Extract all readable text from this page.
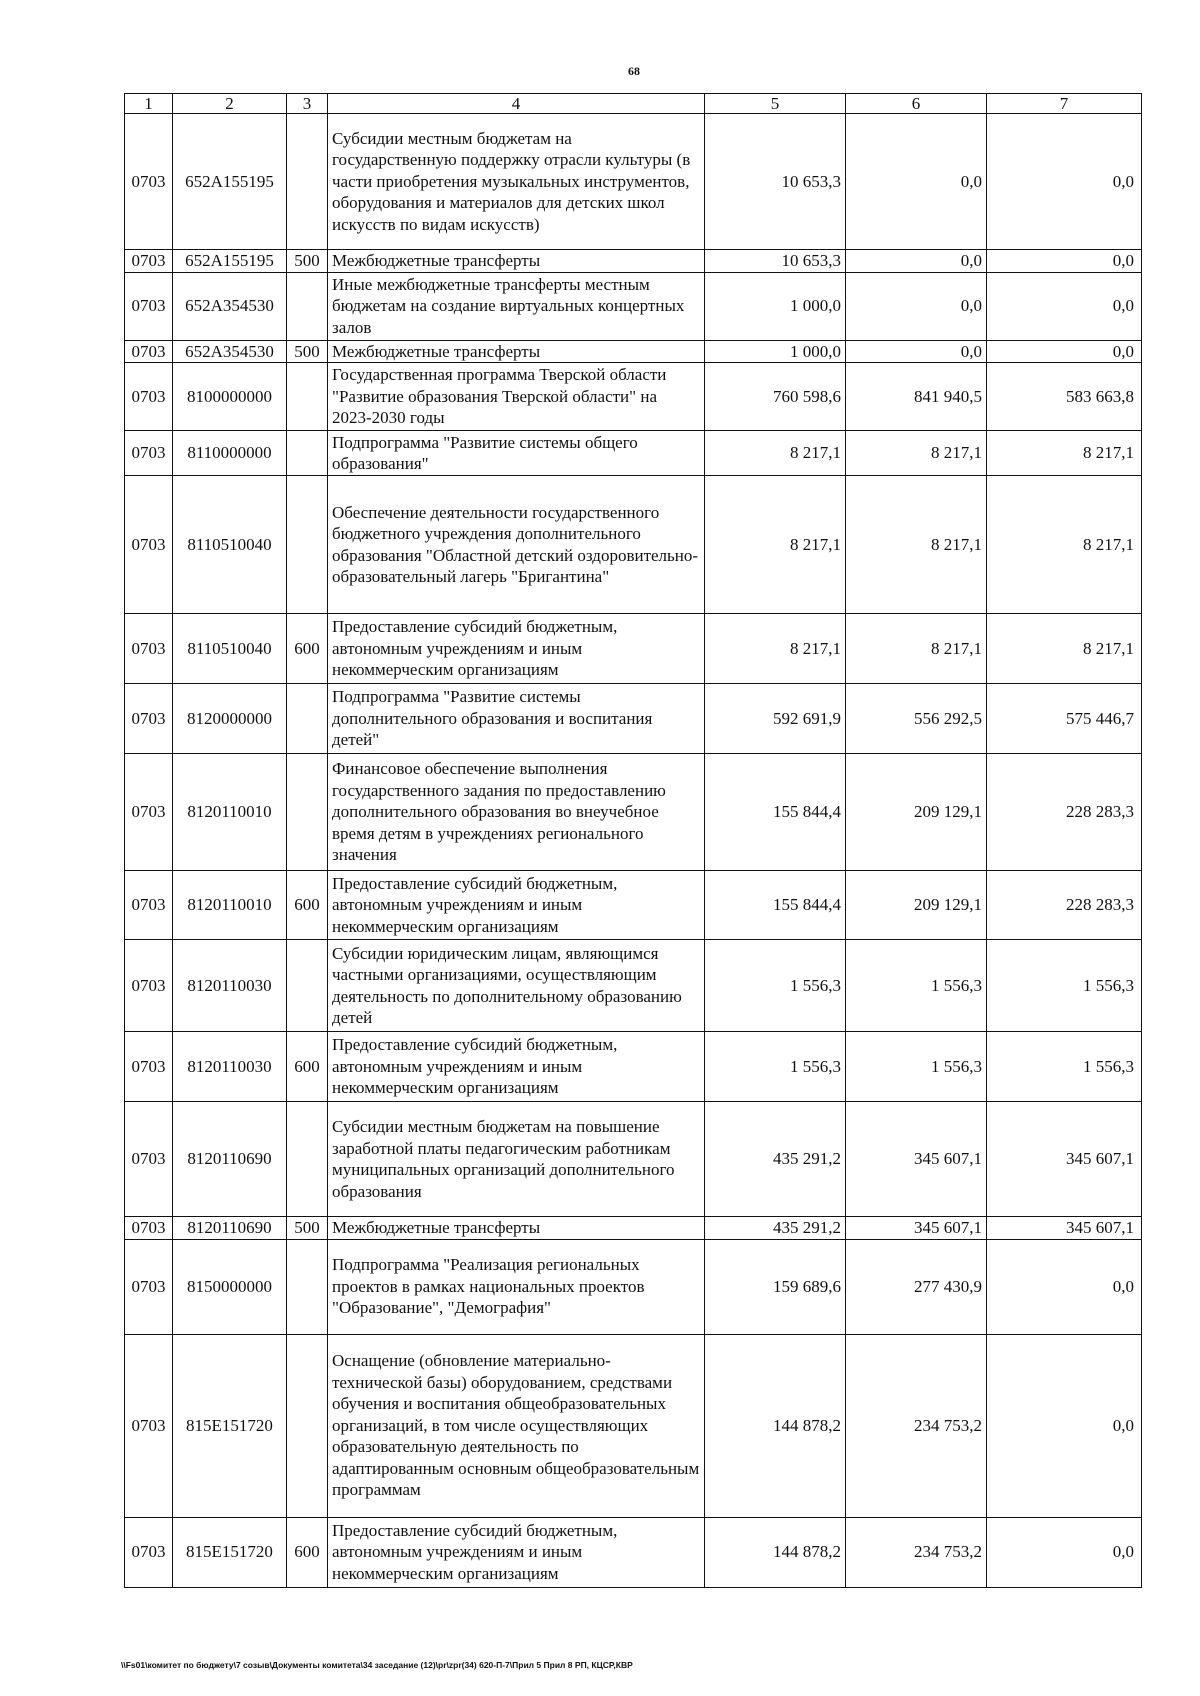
68
1	2	3	4	5	6	7
0703	652A155195		Субсидии местным бюджетам на государственную поддержку отрасли культуры (в части приобретения музыкальных инструментов, оборудования и материалов для детских школ искусств по видам искусств)	10 653,3	0,0	0,0
0703	652A155195	500	Межбюджетные трансферты	10 653,3	0,0	0,0
0703	652A354530		Иные межбюджетные трансферты местным бюджетам на создание виртуальных концертных залов	1 000,0	0,0	0,0
0703	652A354530	500	Межбюджетные трансферты	1 000,0	0,0	0,0
0703	8100000000		Государственная программа Тверской области "Развитие образования Тверской области" на 2023-2030 годы	760 598,6	841 940,5	583 663,8
0703	8110000000		Подпрограмма "Развитие системы общего образования"	8 217,1	8 217,1	8 217,1
0703	8110510040		Обеспечение деятельности государственного бюджетного учреждения дополнительного образования "Областной детский оздоровительно-образовательный лагерь "Бригантина"	8 217,1	8 217,1	8 217,1
0703	8110510040	600	Предоставление субсидий бюджетным, автономным учреждениям и иным некоммерческим организациям	8 217,1	8 217,1	8 217,1
0703	8120000000		Подпрограмма "Развитие системы дополнительного образования и воспитания детей"	592 691,9	556 292,5	575 446,7
0703	8120110010		Финансовое обеспечение выполнения государственного задания по предоставлению дополнительного образования во внеучебное время детям в учреждениях регионального значения	155 844,4	209 129,1	228 283,3
0703	8120110010	600	Предоставление субсидий бюджетным, автономным учреждениям и иным некоммерческим организациям	155 844,4	209 129,1	228 283,3
0703	8120110030		Субсидии юридическим лицам, являющимся частными организациями, осуществляющим деятельность по дополнительному образованию детей	1 556,3	1 556,3	1 556,3
0703	8120110030	600	Предоставление субсидий бюджетным, автономным учреждениям и иным некоммерческим организациям	1 556,3	1 556,3	1 556,3
0703	8120110690		Субсидии местным бюджетам на повышение заработной платы педагогическим работникам муниципальных организаций дополнительного образования	435 291,2	345 607,1	345 607,1
0703	8120110690	500	Межбюджетные трансферты	435 291,2	345 607,1	345 607,1
0703	8150000000		Подпрограмма "Реализация региональных проектов в рамках национальных проектов "Образование", "Демография"	159 689,6	277 430,9	0,0
0703	815E151720		Оснащение (обновление материально-технической базы) оборудованием, средствами обучения и воспитания общеобразовательных организаций, в том числе осуществляющих образовательную деятельность по адаптированным основным общеобразовательным программам	144 878,2	234 753,2	0,0
0703	815E151720	600	Предоставление субсидий бюджетным, автономным учреждениям и иным некоммерческим организациям	144 878,2	234 753,2	0,0
\\Fs01\комитет по бюджету\7 созыв\Документы комитета\34 заседание (12)\pr\zpr(34) 620-П-7\Прил 5 Прил 8 РП, КЦСР,КВР
